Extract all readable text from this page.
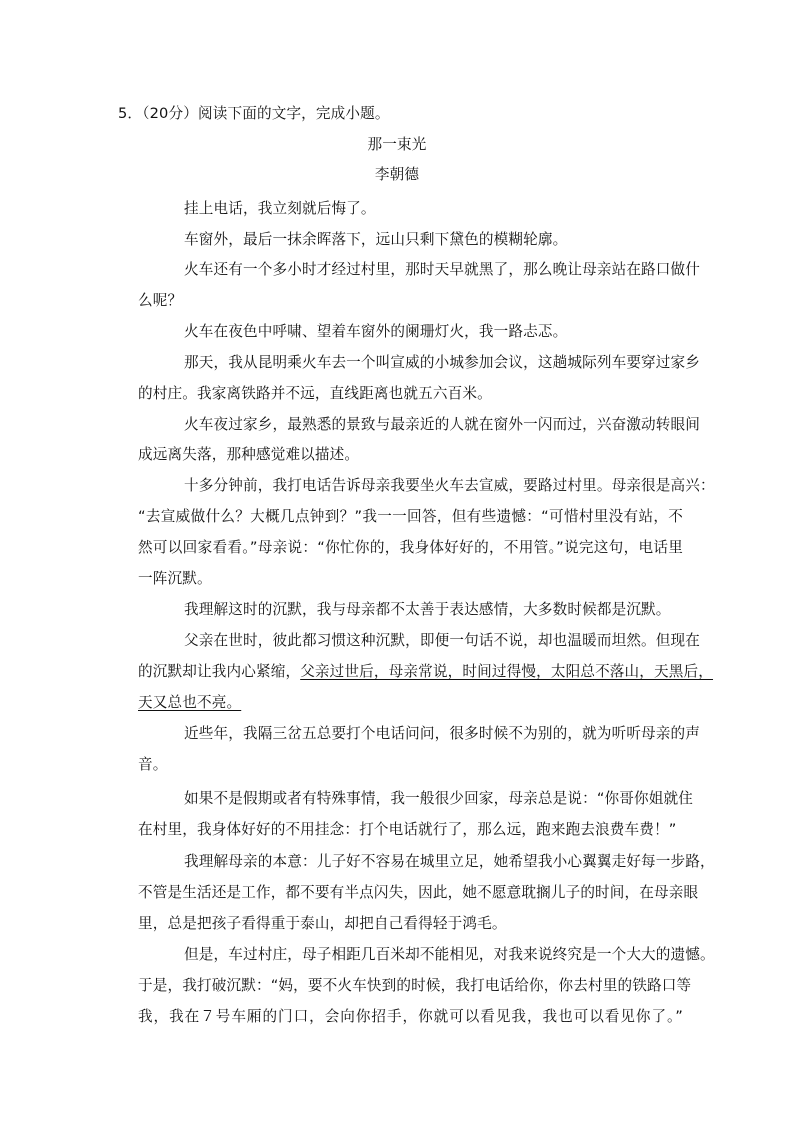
5．（20分）阅读下面的文字，完成小题。
那一束光
李朝德
挂上电话，我立刻就后悔了。
车窗外，最后一抹余晖落下，远山只剩下黛色的模糊轮廓。
火车还有一个多小时才经过村里，那时天早就黑了，那么晚让母亲站在路口做什
么呢？
火车在夜色中呼啸、望着车窗外的阑珊灯火，我一路忐忑。
那天，我从昆明乘火车去一个叫宣威的小城参加会议，这趟城际列车要穿过家乡
的村庄。我家离铁路并不远，直线距离也就五六百米。
火车夜过家乡，最熟悉的景致与最亲近的人就在窗外一闪而过，兴奋激动转眼间
成远离失落，那种感觉难以描述。
十多分钟前，我打电话告诉母亲我要坐火车去宣威，要路过村里。母亲很是高兴：
“去宣威做什么？大概几点钟到？”我一一回答，但有些遗憾：“可惜村里没有站，不
然可以回家看看。”母亲说：“你忙你的，我身体好好的，不用管。”说完这句，电话里
一阵沉默。
我理解这时的沉默，我与母亲都不太善于表达感情，大多数时候都是沉默。
父亲在世时，彼此都习惯这种沉默，即便一句话不说，却也温暖而坦然。但现在
的沉默却让我内心紧缩，父亲过世后，母亲常说，时间过得慢，太阳总不落山，天黑后，
天又总也不亮。
近些年，我隔三岔五总要打个电话问问，很多时候不为别的，就为听听母亲的声
音。
如果不是假期或者有特殊事情，我一般很少回家，母亲总是说：“你哥你姐就住
在村里，我身体好好的不用挂念：打个电话就行了，那么远，跑来跑去浪费车费！”
我理解母亲的本意：儿子好不容易在城里立足，她希望我小心翼翼走好每一步路，
不管是生活还是工作，都不要有半点闪失，因此，她不愿意耽搁儿子的时间，在母亲眼
里，总是把孩子看得重于泰山，却把自己看得轻于鸿毛。
但是，车过村庄，母子相距几百米却不能相见，对我来说终究是一个大大的遗憾。
于是，我打破沉默：“妈，要不火车快到的时候，我打电话给你，你去村里的铁路口等
我，我在７号车厢的门口，会向你招手，你就可以看见我，我也可以看见你了。”
